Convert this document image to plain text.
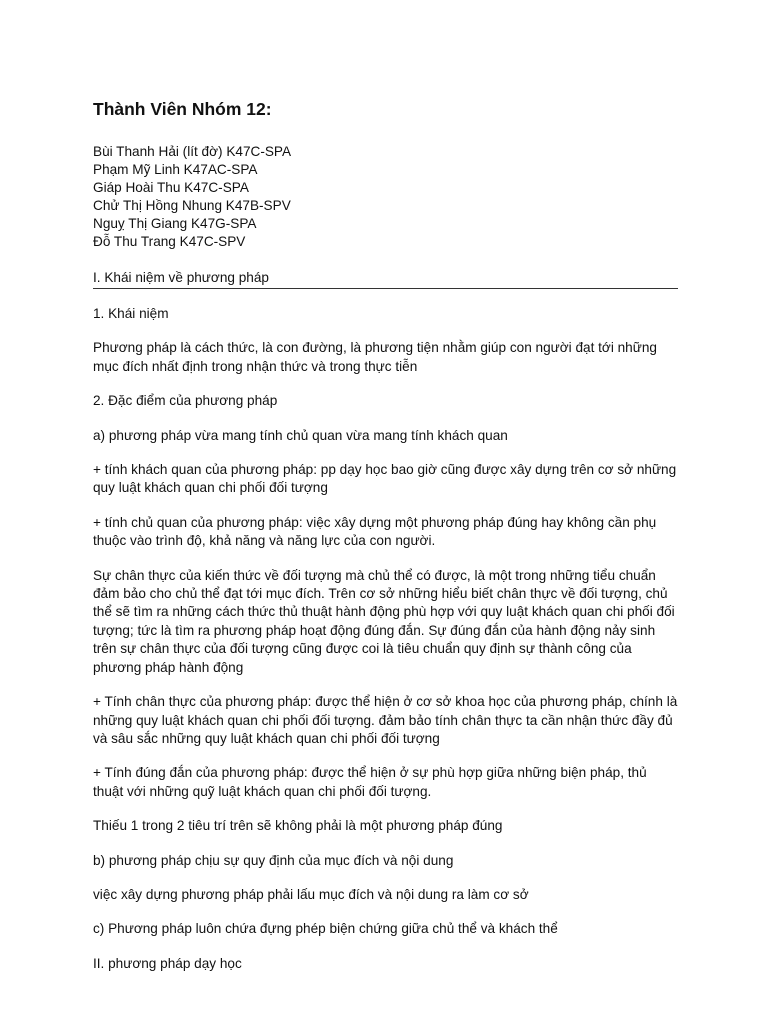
Thành Viên Nhóm 12:

Bùi Thanh Hải (lít đờ) K47C-SPA

Phạm Mỹ Linh K47AC-SPA

Giáp Hoài Thu K47C-SPA

Chử Thị Hồng Nhung K47B-SPV

Nguỵ Thị Giang K47G-SPA

Đỗ Thu Trang K47C-SPV

I. Khái niệm về phương pháp

1. Khái niệm

Phương pháp là cách thức, là con đường, là phương tiện nhằm giúp con người đạt tới những mục đích nhất định trong nhận thức và trong thực tiễn

2. Đặc điểm của phương pháp

a) phương pháp vừa mang tính chủ quan vừa mang tính khách quan

+ tính khách quan của phương pháp: pp dạy học bao giờ cũng được xây dựng trên cơ sở những quy luật khách quan chi phối đối tượng

+ tính chủ quan của phương pháp: việc xây dựng một phương pháp đúng hay không cần phụ thuộc vào trình độ, khả năng và năng lực của con người.

Sự chân thực của kiến thức về đối tượng mà chủ thể có được, là một trong những tiểu chuẩn đảm bảo cho chủ thể đạt tới mục đích. Trên cơ sở những hiểu biết chân thực về đối tượng, chủ thể sẽ tìm ra những cách thức thủ thuật hành động phù hợp với quy luật khách quan chi phối đối tượng; tức là tìm ra phương pháp hoạt động đúng đắn. Sự đúng đắn của hành động nảy sinh trên sự chân thực của đối tượng cũng được coi là tiêu chuẩn quy định sự thành công của phương pháp hành động

+ Tính chân thực của phương pháp: được thể hiện ở cơ sở khoa học của phương pháp, chính là những quy luật khách quan chi phối đối tượng. đảm bảo tính chân thực ta cần nhận thức đầy đủ và sâu sắc những quy luật khách quan chi phối đối tượng

+ Tính đúng đắn của phương pháp: được thể hiện ở sự phù hợp giữa những biện pháp, thủ thuật với những quỹ luật khách quan chi phối đối tượng.

Thiếu 1 trong 2 tiêu trí trên sẽ không phải là một phương pháp đúng

b) phương pháp chịu sự quy định của mục đích và nội dung

việc xây dựng phương pháp phải lấu mục đích và nội dung ra làm cơ sở

c) Phương pháp luôn chứa đựng phép biện chứng giữa chủ thể và khách thể

II. phương pháp dạy học
